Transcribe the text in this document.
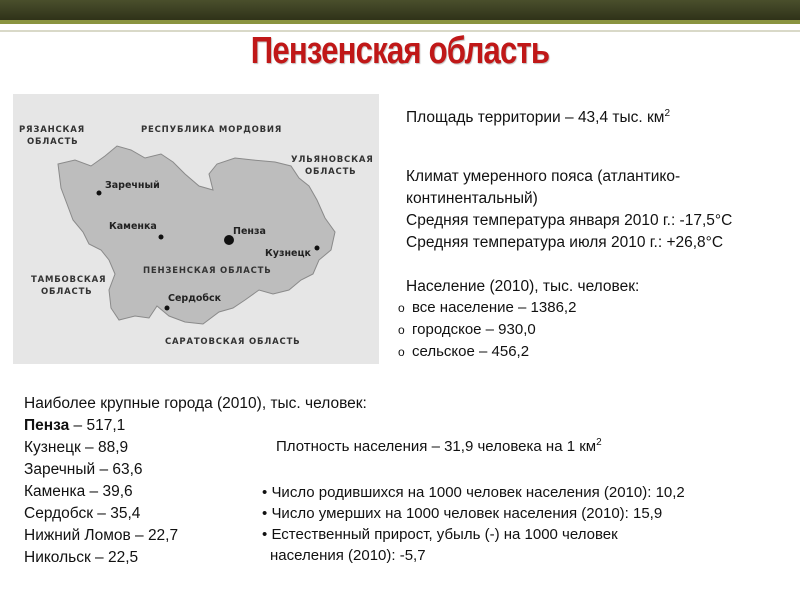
Пензенская область
РЯЗАНСКАЯ
ОБЛАСТЬ
РЕСПУБЛИКА МОРДОВИЯ
УЛЬЯНОВСКАЯ
ОБЛАСТЬ
ТАМБОВСКАЯ
ОБЛАСТЬ
САРАТОВСКАЯ ОБЛАСТЬ
ПЕНЗЕНСКАЯ ОБЛАСТЬ
Заречный
Каменка	Пенза
Кузнецк
Сердобск
Площадь территории – 43,4 тыс. $км^2$
Климат умеренного пояса (атлантико-
континентальный)
Средняя температура января 2010 г.: -17,5°С
Средняя температура июля 2010 г.: +26,8°С
Население (2010), тыс. человек:
o все население – 1386,2
o городское – 930,0
o сельское – 456,2
Наиболее крупные города (2010), тыс. человек:
Пенза – 517,1
Кузнецк – 88,9
Заречный – 63,6
Каменка – 39,6
Сердобск – 35,4
Нижний Ломов – 22,7
Никольск – 22,5
Плотность населения – 31,9 человека на 1 $км^2$
• Число родившихся на 1000 человек населения (2010): 10,2
• Число умерших на 1000 человек населения (2010): 15,9
• Естественный прирост, убыль (-) на 1000 человек
населения (2010): -5,7
